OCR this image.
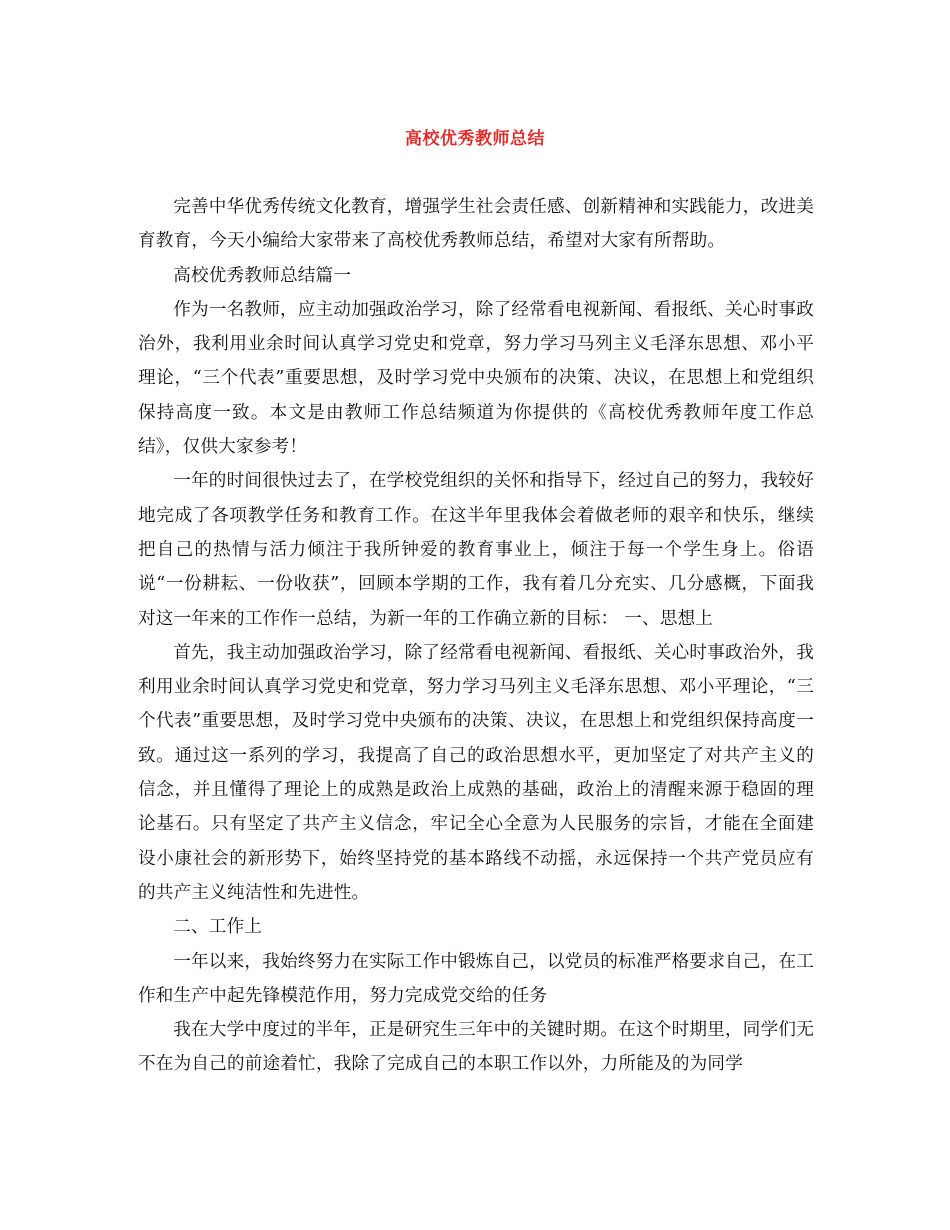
高校优秀教师总结

完善中华优秀传统文化教育，增强学生社会责任感、创新精神和实践能力，改进美育教育，今天小编给大家带来了高校优秀教师总结，希望对大家有所帮助。

高校优秀教师总结篇一

作为一名教师，应主动加强政治学习，除了经常看电视新闻、看报纸、关心时事政治外，我利用业余时间认真学习党史和党章，努力学习马列主义毛泽东思想、邓小平理论，“三个代表”重要思想，及时学习党中央颁布的决策、决议，在思想上和党组织保持高度一致。本文是由教师工作总结频道为你提供的《高校优秀教师年度工作总结》，仅供大家参考！

一年的时间很快过去了，在学校党组织的关怀和指导下，经过自己的努力，我较好地完成了各项教学任务和教育工作。在这半年里我体会着做老师的艰辛和快乐，继续把自己的热情与活力倾注于我所钟爱的教育事业上，倾注于每一个学生身上。俗语说“一份耕耘、一份收获”，回顾本学期的工作，我有着几分充实、几分感概，下面我对这一年来的工作作一总结，为新一年的工作确立新的目标： 一、思想上

首先，我主动加强政治学习，除了经常看电视新闻、看报纸、关心时事政治外，我利用业余时间认真学习党史和党章，努力学习马列主义毛泽东思想、邓小平理论，“三个代表”重要思想，及时学习党中央颁布的决策、决议，在思想上和党组织保持高度一致。通过这一系列的学习，我提高了自己的政治思想水平，更加坚定了对共产主义的信念，并且懂得了理论上的成熟是政治上成熟的基础，政治上的清醒来源于稳固的理论基石。只有坚定了共产主义信念，牢记全心全意为人民服务的宗旨，才能在全面建设小康社会的新形势下，始终坚持党的基本路线不动摇，永远保持一个共产党员应有的共产主义纯洁性和先进性。

二、工作上

一年以来，我始终努力在实际工作中锻炼自己，以党员的标准严格要求自己，在工作和生产中起先锋模范作用，努力完成党交给的任务

我在大学中度过的半年，正是研究生三年中的关键时期。在这个时期里，同学们无不在为自己的前途着忙，我除了完成自己的本职工作以外，力所能及的为同学
